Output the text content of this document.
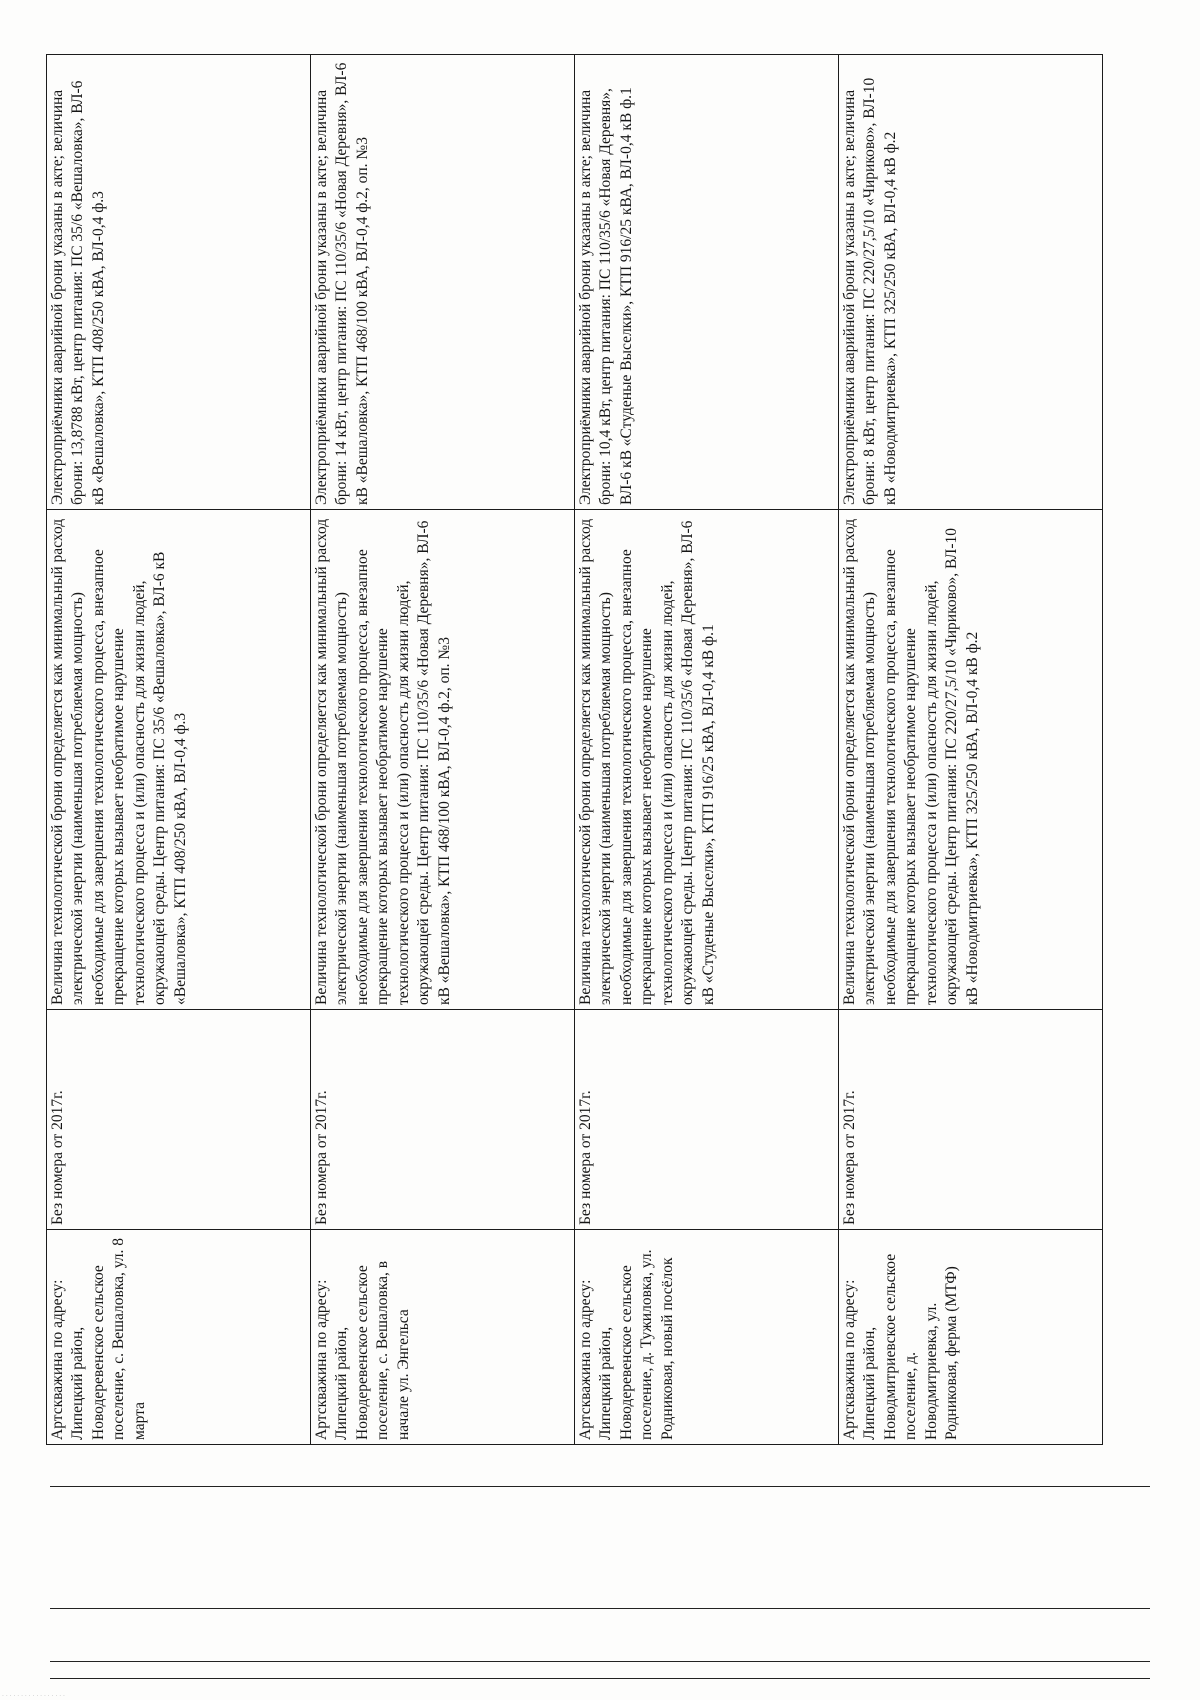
· · · · · · · · · · · · · · · · ·
Артскважина по адресу: Липецкий район, Новодеревенское сельское поселение, с. Вешаловка, ул. 8 марта	Без номера от 2017г.	Величина технологической брони определяется как минимальный расход электрической энергии (наименьшая потребляемая мощность) необходимые для завершения технологического процесса, внезапное прекращение которых вызывает необратимое нарушение технологического процесса и (или) опасность для жизни людей, окружающей среды. Центр питания: ПС 35/6 «Вешаловка», ВЛ-6 кВ «Вешаловка», КТП 408/250 кВА, ВЛ-0,4 ф.3	Электроприёмники аварийной брони указаны в акте; величина брони: 13,8788 кВт, центр питания: ПС 35/6 «Вешаловка», ВЛ-6 кВ «Вешаловка», КТП 408/250 кВА, ВЛ-0,4 ф.3
Артскважина по адресу: Липецкий район, Новодеревенское сельское поселение, с. Вешаловка, в начале ул. Энгельса	Без номера от 2017г.	Величина технологической брони определяется как минимальный расход электрической энергии (наименьшая потребляемая мощность) необходимые для завершения технологического процесса, внезапное прекращение которых вызывает необратимое нарушение технологического процесса и (или) опасность для жизни людей, окружающей среды. Центр питания: ПС 110/35/6 «Новая Деревня», ВЛ-6 кВ «Вешаловка», КТП 468/100 кВА, ВЛ-0,4 ф.2, оп. №3	Электроприёмники аварийной брони указаны в акте; величина брони: 14 кВт, центр питания: ПС 110/35/6 «Новая Деревня», ВЛ-6 кВ «Вешаловка», КТП 468/100 кВА, ВЛ-0,4 ф.2, оп. №3
Артскважина по адресу: Липецкий район, Новодеревенское сельское поселение, д. Тужиловка, ул. Родниковая, новый посёлок	Без номера от 2017г.	Величина технологической брони определяется как минимальный расход электрической энергии (наименьшая потребляемая мощность) необходимые для завершения технологического процесса, внезапное прекращение которых вызывает необратимое нарушение технологического процесса и (или) опасность для жизни людей, окружающей среды. Центр питания: ПС 110/35/6 «Новая Деревня», ВЛ-6 кВ «Студеные Выселки», КТП 916/25 кВА, ВЛ-0,4 кВ ф.1	Электроприёмники аварийной брони указаны в акте; величина брони: 10,4 кВт, центр питания: ПС 110/35/6 «Новая Деревня», ВЛ-6 кВ «Студеные Выселки», КТП 916/25 кВА, ВЛ-0,4 кВ ф.1
Артскважина по адресу: Липецкий район, Новодмитриевское сельское поселение, д. Новодмитриевка, ул. Родниковая, ферма (МТФ)	Без номера от 2017г.	Величина технологической брони определяется как минимальный расход электрической энергии (наименьшая потребляемая мощность) необходимые для завершения технологического процесса, внезапное прекращение которых вызывает необратимое нарушение технологического процесса и (или) опасность для жизни людей, окружающей среды. Центр питания: ПС 220/27,5/10 «Чириково», ВЛ-10 кВ «Новодмитриевка», КТП 325/250 кВА, ВЛ-0,4 кВ ф.2	Электроприёмники аварийной брони указаны в акте; величина брони: 8 кВт, центр питания: ПС 220/27,5/10 «Чириково», ВЛ-10 кВ «Новодмитриевка», КТП 325/250 кВА, ВЛ-0,4 кВ ф.2
